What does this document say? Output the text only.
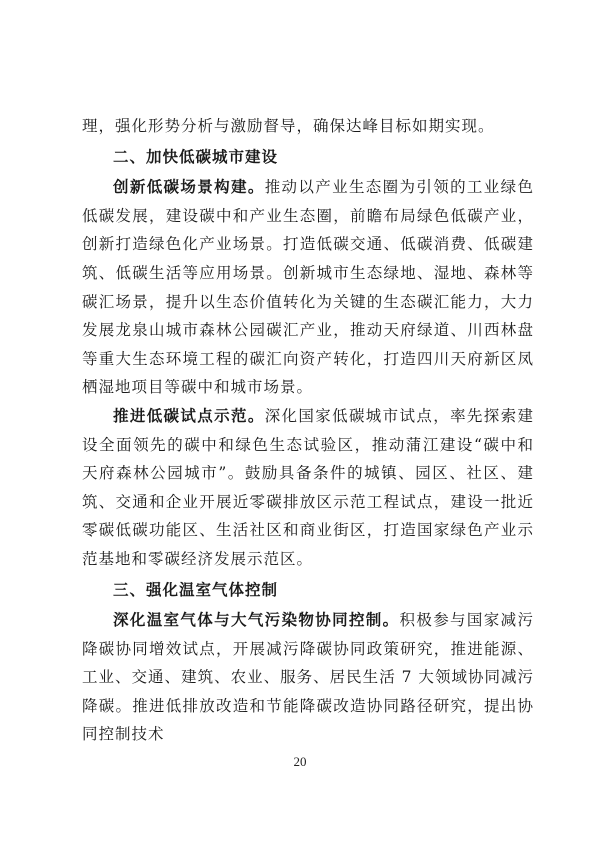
理，强化形势分析与激励督导，确保达峰目标如期实现。

二、加快低碳城市建设

创新低碳场景构建。推动以产业生态圈为引领的工业绿色低碳发展，建设碳中和产业生态圈，前瞻布局绿色低碳产业，创新打造绿色化产业场景。打造低碳交通、低碳消费、低碳建筑、低碳生活等应用场景。创新城市生态绿地、湿地、森林等碳汇场景，提升以生态价值转化为关键的生态碳汇能力，大力发展龙泉山城市森林公园碳汇产业，推动天府绿道、川西林盘等重大生态环境工程的碳汇向资产转化，打造四川天府新区凤栖湿地项目等碳中和城市场景。

推进低碳试点示范。深化国家低碳城市试点，率先探索建设全面领先的碳中和绿色生态试验区，推动蒲江建设“碳中和天府森林公园城市”。鼓励具备条件的城镇、园区、社区、建筑、交通和企业开展近零碳排放区示范工程试点，建设一批近零碳低碳功能区、生活社区和商业街区，打造国家绿色产业示范基地和零碳经济发展示范区。

三、强化温室气体控制

深化温室气体与大气污染物协同控制。积极参与国家减污降碳协同增效试点，开展减污降碳协同政策研究，推进能源、工业、交通、建筑、农业、服务、居民生活 7 大领域协同减污降碳。推进低排放改造和节能降碳改造协同路径研究，提出协同控制技术

20
